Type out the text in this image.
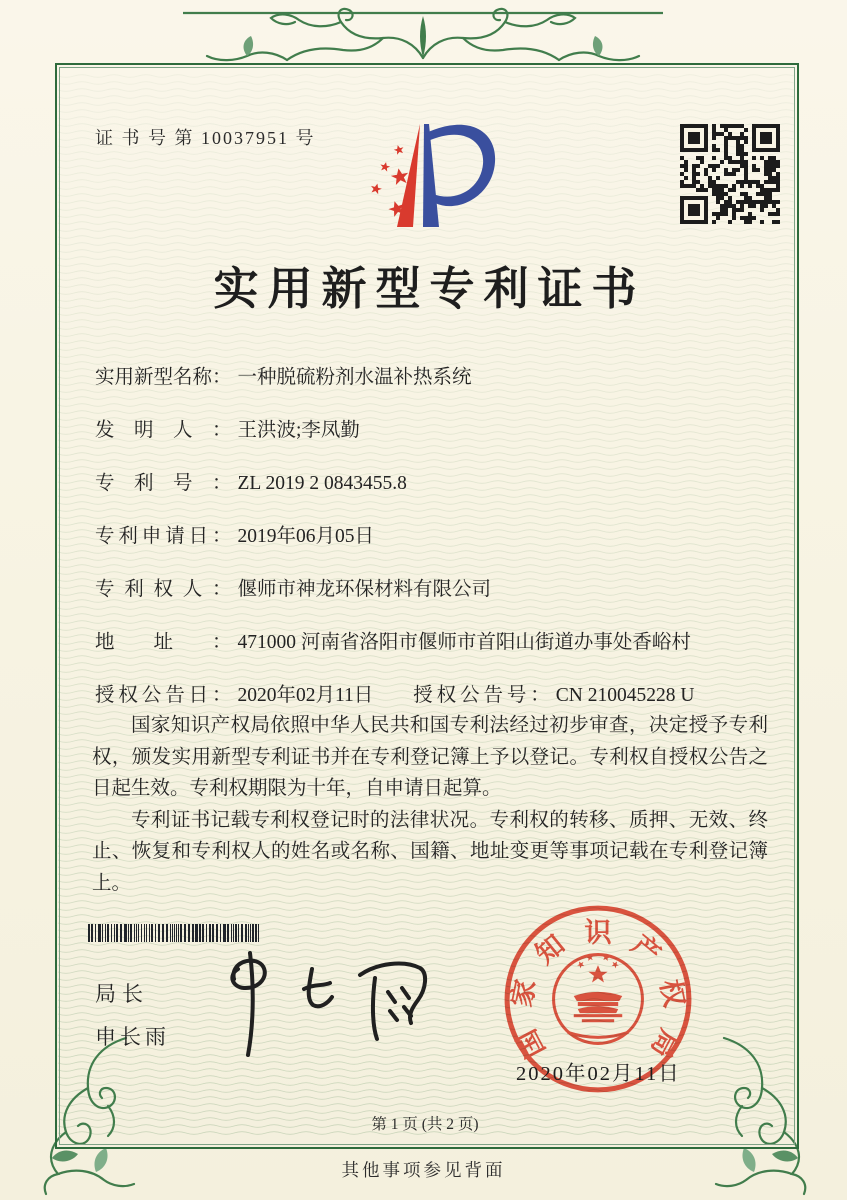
证 书 号 第 10037951 号
实用新型专利证书
实用新型名称： 一种脱硫粉剂水温补热系统
发明人： 王洪波;李凤勤
专利号： ZL 2019 2 0843455.8
专利申请日： 2019年06月05日
专利权人： 偃师市神龙环保材料有限公司
地址： 471000 河南省洛阳市偃师市首阳山街道办事处香峪村
授权公告日： 2020年02月11日 授权公告号： CN 210045228 U

国家知识产权局依照中华人民共和国专利法经过初步审查，决定授予专利权，颁发实用新型专利证书并在专利登记簿上予以登记。专利权自授权公告之日起生效。专利权期限为十年，自申请日起算。

专利证书记载专利权登记时的法律状况。专利权的转移、质押、无效、终止、恢复和专利权人的姓名或名称、国籍、地址变更等事项记载在专利登记簿上。

局长
申长雨	国
家
知 识 产
权
局
2020年02月11日
第 1 页 (共 2 页)
其他事项参见背面
